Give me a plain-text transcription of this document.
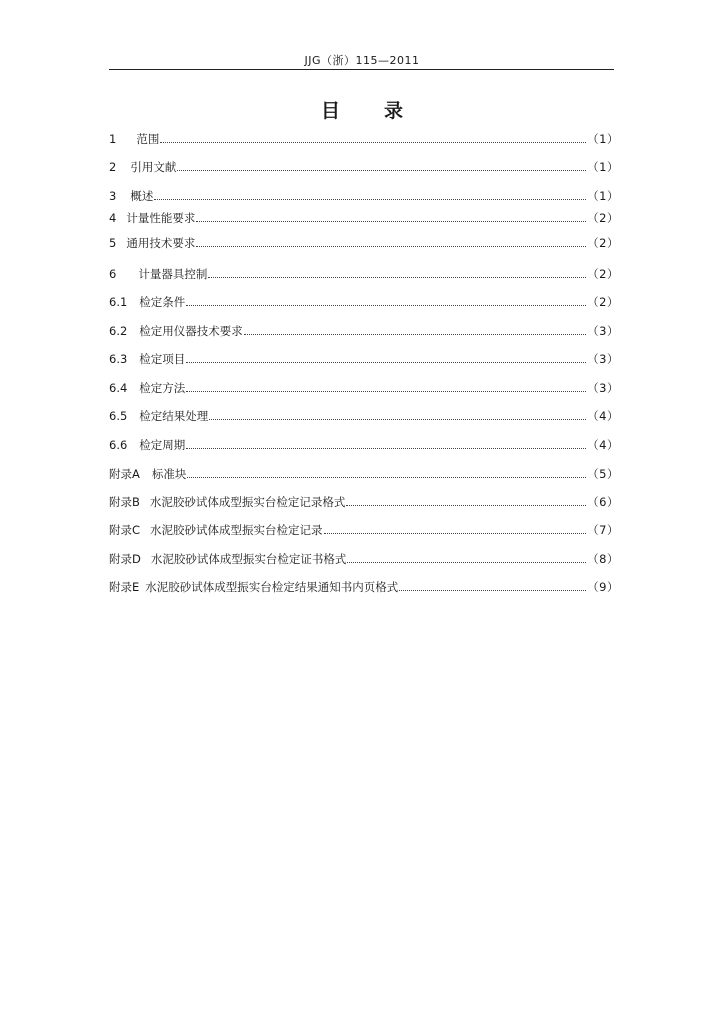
JJG（浙）115—2011
目 录
1 范围	（1）
2 引用文献	（1）
3 概述	（1）
4 计量性能要求	（2）
5 通用技术要求	（2）
6 计量器具控制	（2）
6.1 检定条件	（2）
6.2 检定用仪器技术要求	（3）
6.3 检定项目	（3）
6.4 检定方法	（3）
6.5 检定结果处理	（4）
6.6 检定周期	（4）
附录A 标准块	（5）
附录B 水泥胶砂试体成型振实台检定记录格式	（6）
附录C 水泥胶砂试体成型振实台检定记录	（7）
附录D 水泥胶砂试体成型振实台检定证书格式	（8）
附录E 水泥胶砂试体成型振实台检定结果通知书内页格式	（9）
